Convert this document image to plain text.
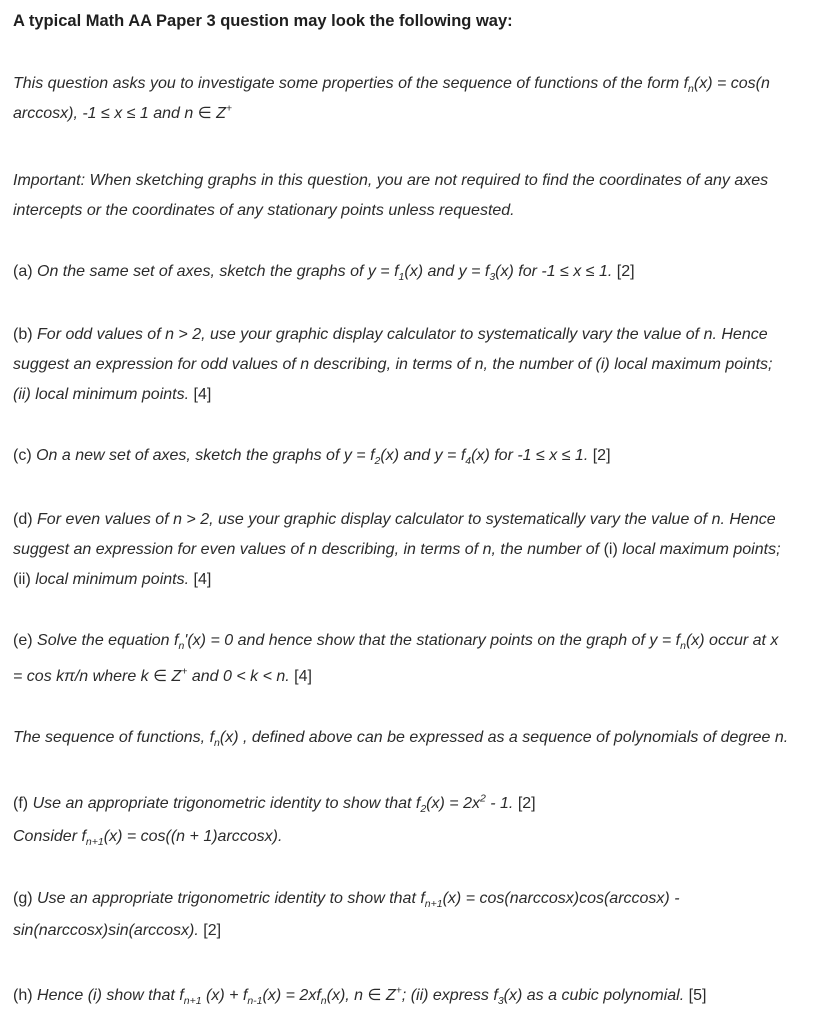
A typical Math AA Paper 3 question may look the following way:
This question asks you to investigate some properties of the sequence of functions of the form $f_n(x) = \cos(n$
arccosx), -1 ≤ x ≤ 1 and n ∈ Z+
Important: When sketching graphs in this question, you are not required to find the coordinates of any axes
intercepts or the coordinates of any stationary points unless requested.
(a) On the same set of axes, sketch the graphs of $y = f_1(x)$ and $y = f_3(x)$ for -1 ≤ x ≤ 1. [2]
(b) For odd values of n > 2, use your graphic display calculator to systematically vary the value of n. Hence
suggest an expression for odd values of n describing, in terms of n, the number of (i) local maximum points;
(ii) local minimum points. [4]
(c) On a new set of axes, sketch the graphs of $y = f_2(x)$ and $y = f_4(x)$ for -1 ≤ x ≤ 1. [2]
(d) For even values of n > 2, use your graphic display calculator to systematically vary the value of n. Hence
suggest an expression for even values of n describing, in terms of n, the number of (i) local maximum points;
(ii) local minimum points. [4]
(e) Solve the equation $f_n'(x) = 0$ and hence show that the stationary points on the graph of $y = f_n(x)$ occur at x
= cos kπ/n where k ∈ Z+ and 0 < k < n. [4]
The sequence of functions, $f_n(x)$ , defined above can be expressed as a sequence of polynomials of degree n.
(f) Use an appropriate trigonometric identity to show that $f_2(x) = 2x^2 - 1$. [2]
Consider $f_{n+1}(x) = \cos((n + 1)\arccos x)$.
(g) Use an appropriate trigonometric identity to show that $f_{n+1}(x) = \cos(narccosx)\cos(\arccos x)$ -
sin(narccosx)sin(arccosx). [2]
(h) Hence (i) show that $f_{n+1}$ $(x) + f_{n-1}(x) = 2xf_n(x)$, n ∈ Z+; (ii) express $f_3(x)$ as a cubic polynomial. [5]
